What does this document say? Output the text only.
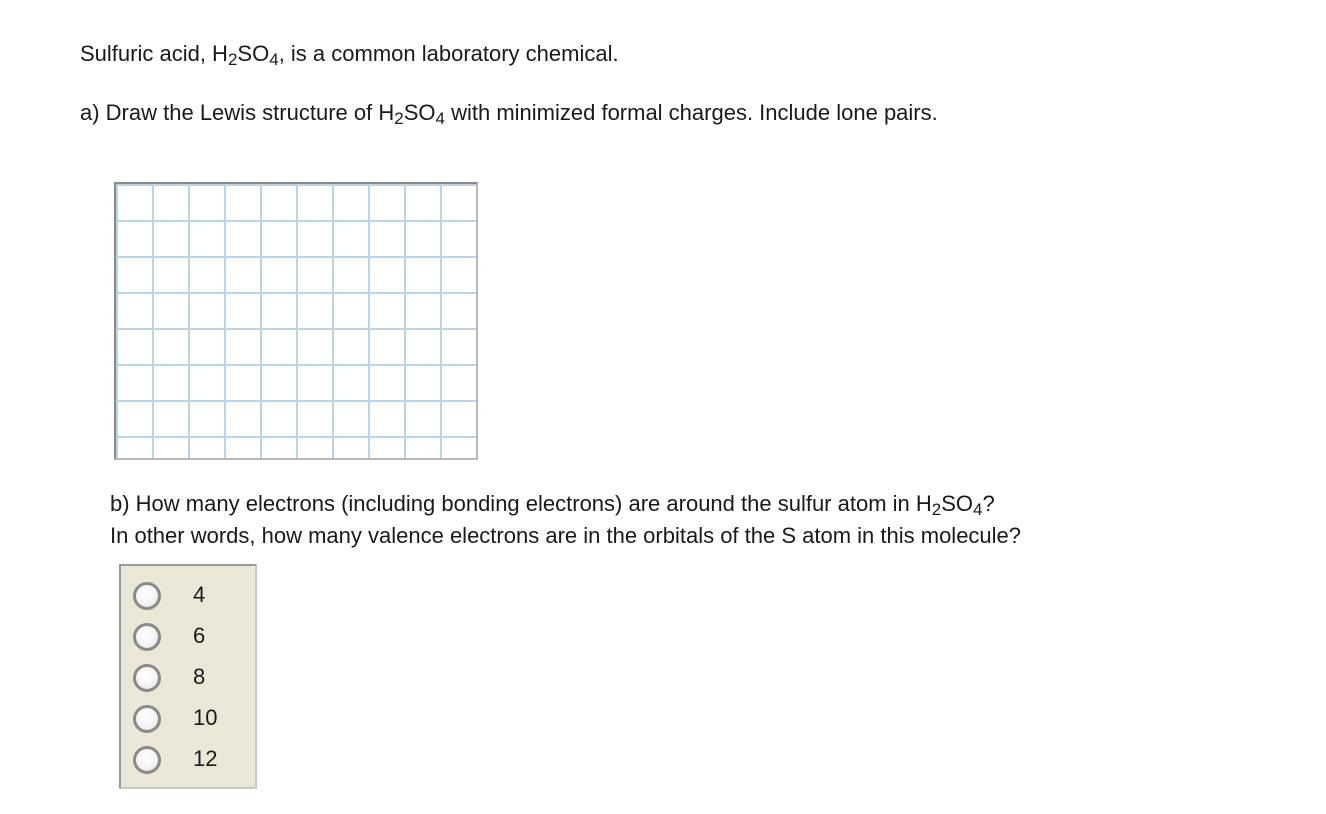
Sulfuric acid, $H_2SO_4$, is a common laboratory chemical.

a) Draw the Lewis structure of $H_2SO_4$ with minimized formal charges. Include lone pairs.

b) How many electrons (including bonding electrons) are around the sulfur atom in $H_2SO_4$?

In other words, how many valence electrons are in the orbitals of the S atom in this molecule?

4
6
8
10
12
